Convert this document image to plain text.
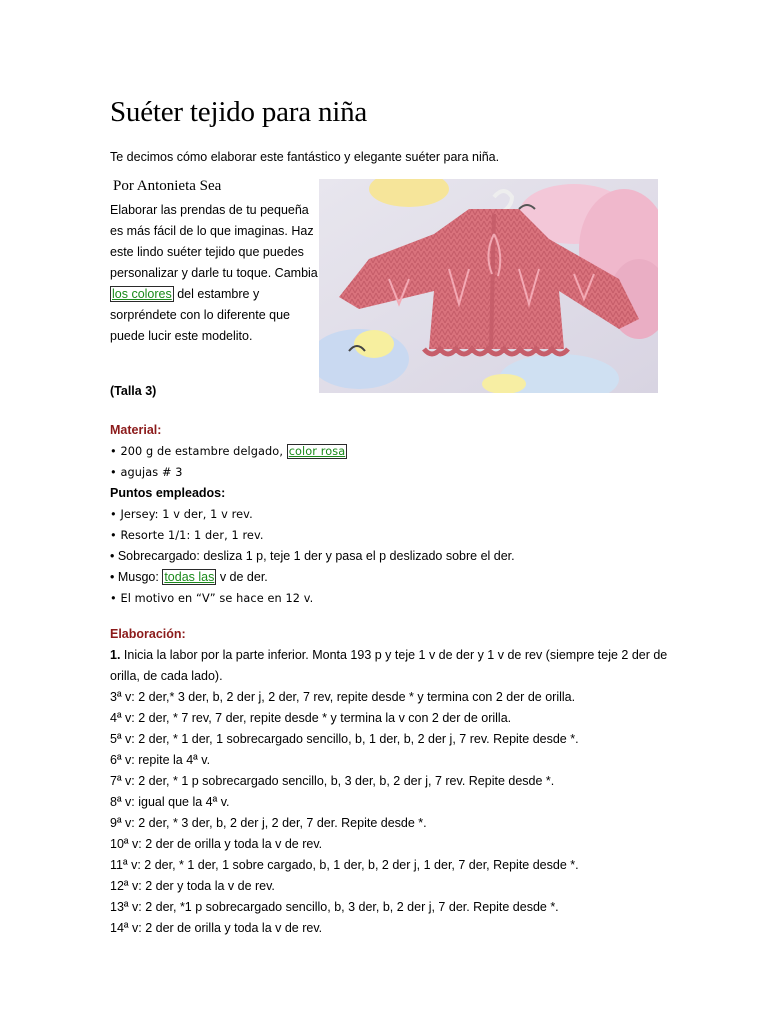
Suéter tejido para niña
Te decimos cómo elaborar este fantástico y elegante suéter para niña.
Por Antonieta Sea
Elaborar las prendas de tu pequeña es más fácil de lo que imaginas. Haz este lindo suéter tejido que puedes personalizar y darle tu toque. Cambia los colores del estambre y sorpréndete con lo diferente que puede lucir este modelito.
(Talla 3)
Material:
• 200 g de estambre delgado, color rosa
• agujas # 3
Puntos empleados:
• Jersey: 1 v der, 1 v rev.
• Resorte 1/1: 1 der, 1 rev.
• Sobrecargado: desliza 1 p, teje 1 der y pasa el p deslizado sobre el der.
• Musgo: todas las v de der.
• El motivo en “V” se hace en 12 v.
Elaboración:
1. Inicia la labor por la parte inferior. Monta 193 p y teje 1 v de der y 1 v de rev (siempre teje 2 der de orilla, de cada lado).
3ª v: 2 der,* 3 der, b, 2 der j, 2 der, 7 rev, repite desde * y termina con 2 der de orilla.
4ª v: 2 der, * 7 rev, 7 der, repite desde * y termina la v con 2 der de orilla.
5ª v: 2 der, * 1 der, 1 sobrecargado sencillo, b, 1 der, b, 2 der j, 7 rev. Repite desde *.
6ª v: repite la 4ª v.
7ª v: 2 der, * 1 p sobrecargado sencillo, b, 3 der, b, 2 der j, 7 rev. Repite desde *.
8ª v: igual que la 4ª v.
9ª v: 2 der, * 3 der, b, 2 der j, 2 der, 7 der. Repite desde *.
10ª v: 2 der de orilla y toda la v de rev.
11ª v: 2 der, * 1 der, 1 sobre cargado, b, 1 der, b, 2 der j, 1 der, 7 der, Repite desde *.
12ª v: 2 der y toda la v de rev.
13ª v: 2 der, *1 p sobrecargado sencillo, b, 3 der, b, 2 der j, 7 der. Repite desde *.
14ª v: 2 der de orilla y toda la v de rev.
